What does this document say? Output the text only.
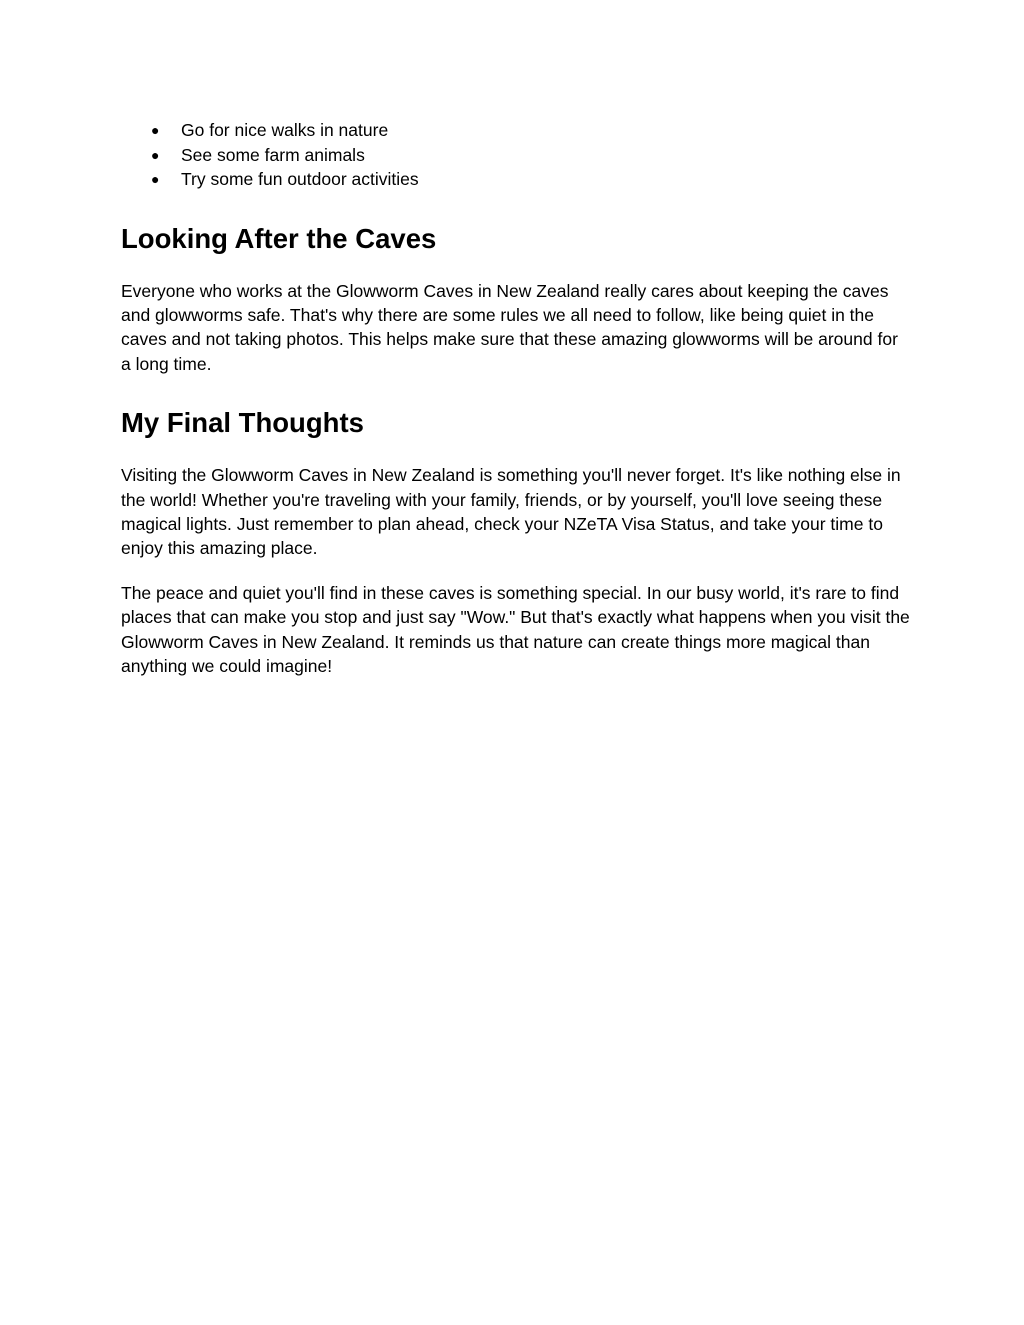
● Go for nice walks in nature
● See some farm animals
● Try some fun outdoor activities
Looking After the Caves

Everyone who works at the Glowworm Caves in New Zealand really cares about keeping the caves and glowworms safe. That's why there are some rules we all need to follow, like being quiet in the caves and not taking photos. This helps make sure that these amazing glowworms will be around for a long time.

My Final Thoughts

Visiting the Glowworm Caves in New Zealand is something you'll never forget. It's like nothing else in the world! Whether you're traveling with your family, friends, or by yourself, you'll love seeing these magical lights. Just remember to plan ahead, check your NZeTA Visa Status, and take your time to enjoy this amazing place.

The peace and quiet you'll find in these caves is something special. In our busy world, it's rare to find places that can make you stop and just say "Wow." But that's exactly what happens when you visit the Glowworm Caves in New Zealand. It reminds us that nature can create things more magical than anything we could imagine!
